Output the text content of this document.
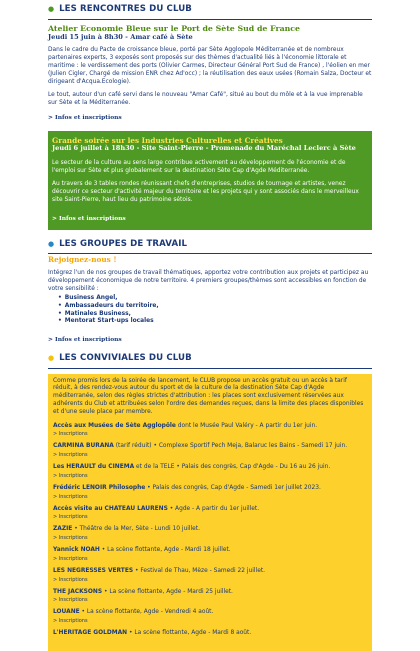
● LES RENCONTRES DU CLUB
Atelier Economie Bleue sur le Port de Sète Sud de France
Jeudi 15 juin à 8h30 - Amar café à Sète

Dans le cadre du Pacte de croissance bleue, porté par Sète Agglopole Méditerranée et de nombreux partenaires experts, 3 exposés sont proposés sur des thèmes d'actualité liés à l'économie littorale et maritime : le verdissement des ports (Olivier Carmes, Directeur Général Port Sud de France) , l'éolien en mer (Julien Cigler, Chargé de mission ENR chez Ad'occ) ; la réutilisation des eaux usées (Romain Salza, Docteur et dirigeant d'Acqua.Ecologie).

Le tout, autour d'un café servi dans le nouveau "Amar Café", situé au bout du môle et à la vue imprenable sur Sète et la Méditerranée.

> Infos et inscriptions
Grande soirée sur les Industries Culturelles et Créatives
Jeudi 6 juillet à 18h30 - Site Saint-Pierre - Promenade du Maréchal Leclerc à Sète

Le secteur de la culture au sens large contribue activement au développement de l'économie et de l'emploi sur Sète et plus globalement sur la destination Sète Cap d'Agde Méditerranée.

Au travers de 3 tables rondes réunissant chefs d'entreprises, studios de tournage et artistes, venez découvrir ce secteur d'activité majeur du territoire et les projets qui y sont associés dans le merveilleux site Saint-Pierre, haut lieu du patrimoine sétois.

> Infos et inscriptions
● LES GROUPES DE TRAVAIL
Rejoignez-nous !

Intégrez l'un de nos groupes de travail thématiques, apportez votre contribution aux projets et participez au développement économique de notre territoire. 4 premiers groupes/thèmes sont accessibles en fonction de votre sensibilité :

• Business Angel,
• Ambassadeurs du territoire,
• Matinales Business,
• Mentorat Start-ups locales
> Infos et inscriptions
● LES CONVIVIALES DU CLUB

Comme promis lors de la soirée de lancement, le CLUB propose un accès gratuit ou un accès à tarif réduit, à des rendez-vous autour du sport et de la culture de la destination Sète Cap d'Agde méditerranée, selon des règles strictes d'attribution : les places sont exclusivement réservées aux adhérents du Club et attribuées selon l'ordre des demandes reçues, dans la limite des places disponibles et d'une seule place par membre.

Accès aux Musées de Sète Agglopôle dont le Musée Paul Valéry - A partir du 1er juin.
> Inscriptions
CARMINA BURANA (tarif réduit) • Complexe Sportif Pech Meja, Balaruc les Bains - Samedi 17 juin.
> Inscriptions
Les HERAULT du CINEMA et de la TELE • Palais des congrès, Cap d'Agde - Du 16 au 26 juin.
> Inscriptions
Frédéric LENOIR Philosophe • Palais des congrès, Cap d'Agde - Samedi 1er juillet 2023.
> Inscriptions
Accès visite au CHATEAU LAURENS • Agde - A partir du 1er juillet.
> Inscriptions
ZAZIE • Théâtre de la Mer, Sète - Lundi 10 juillet.
> Inscriptions
Yannick NOAH • La scène flottante, Agde - Mardi 18 juillet.
> Inscriptions
LES NEGRESSES VERTES • Festival de Thau, Mèze - Samedi 22 juillet.
> Inscriptions
THE JACKSONS • La scène flottante, Agde - Mardi 25 juillet.
> Inscriptions
LOUANE • La scène flottante, Agde - Vendredi 4 août.
> Inscriptions
L'HERITAGE GOLDMAN • La scène flottante, Agde - Mardi 8 août.
